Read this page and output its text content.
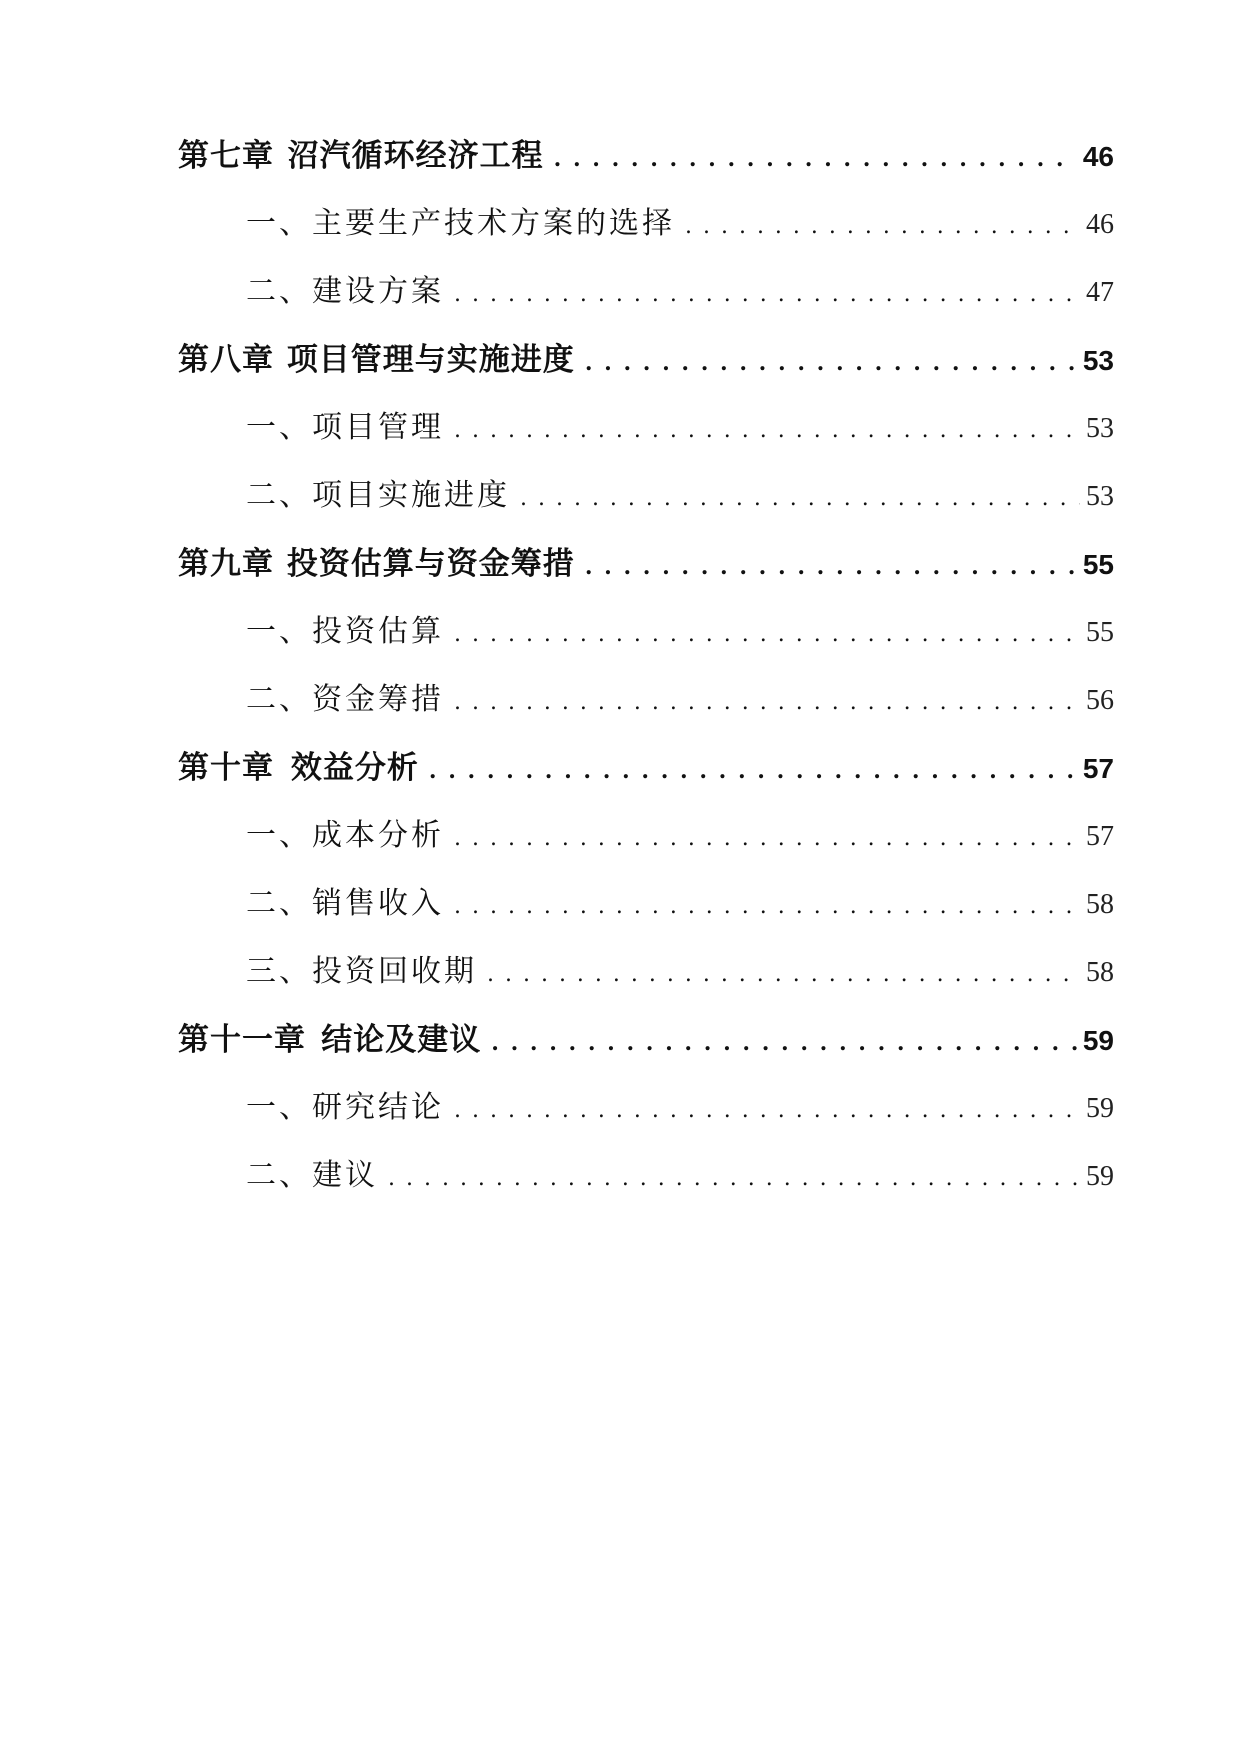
第七章 沼汽循环经济工程 . . .	46
一、主要生产技术方案的选择 . . .	46
二、建设方案 . . .	47
第八章 项目管理与实施进度 . . .	53
一、项目管理 . . .	53
二、项目实施进度 . . .	53
第九章 投资估算与资金筹措 . . .	55
一、投资估算 . . .	55
二、资金筹措 . . .	56
第十章 效益分析 . . .	57
一、成本分析 . . .	57
二、销售收入 . . .	58
三、投资回收期 . . .	58
第十一章 结论及建议 . . .	59
一、研究结论 . . .	59
二、建议 . . .	59
